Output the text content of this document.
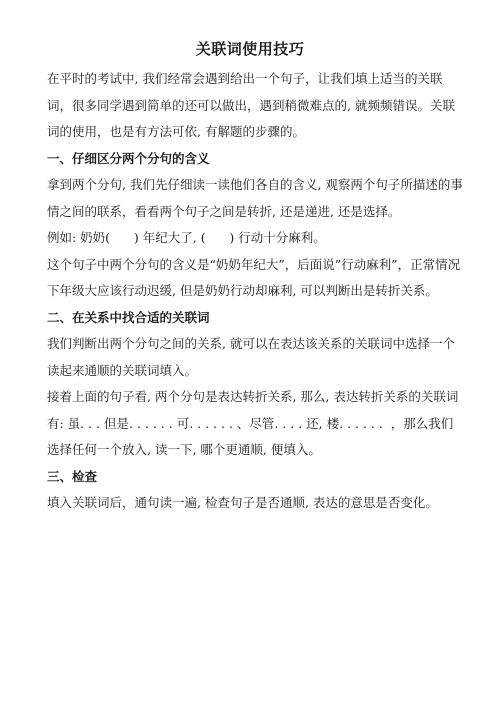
关联词使用技巧

在平时的考试中, 我们经常会遇到给出一个句子，让我们填上适当的关联词，很多同学遇到简单的还可以做出，遇到稍微难点的, 就频频错误。关联词的使用，也是有方法可依, 有解题的步骤的。

一、仔细区分两个分句的含义

拿到两个分句, 我们先仔细读一读他们各自的含义, 观察两个句子所描述的事情之间的联系，看看两个句子之间是转折, 还是递进, 还是选择。

例如: 奶奶(      ) 年纪大了, (      ) 行动十分麻利。

这个句子中两个分句的含义是“奶奶年纪大”，后面说”行动麻利”，正常情况下年级大应该行动迟缓, 但是奶奶行动却麻利, 可以判断出是转折关系。

二、在关系中找合适的关联词

我们判断出两个分句之间的关系, 就可以在表达该关系的关联词中选择一个读起来通顺的关联词填入。

接着上面的句子看, 两个分句是表达转折关系, 那么, 表达转折关系的关联词有: 虽. . . 但是. . . . . . 可. . . . . . 、尽管. . . . 还, 楼. . . . . .  ，那么我们选择任何一个放入, 读一下, 哪个更通顺, 便填入。

三、检查

填入关联词后，通句读一遍, 检查句子是否通顺, 表达的意思是否变化。
